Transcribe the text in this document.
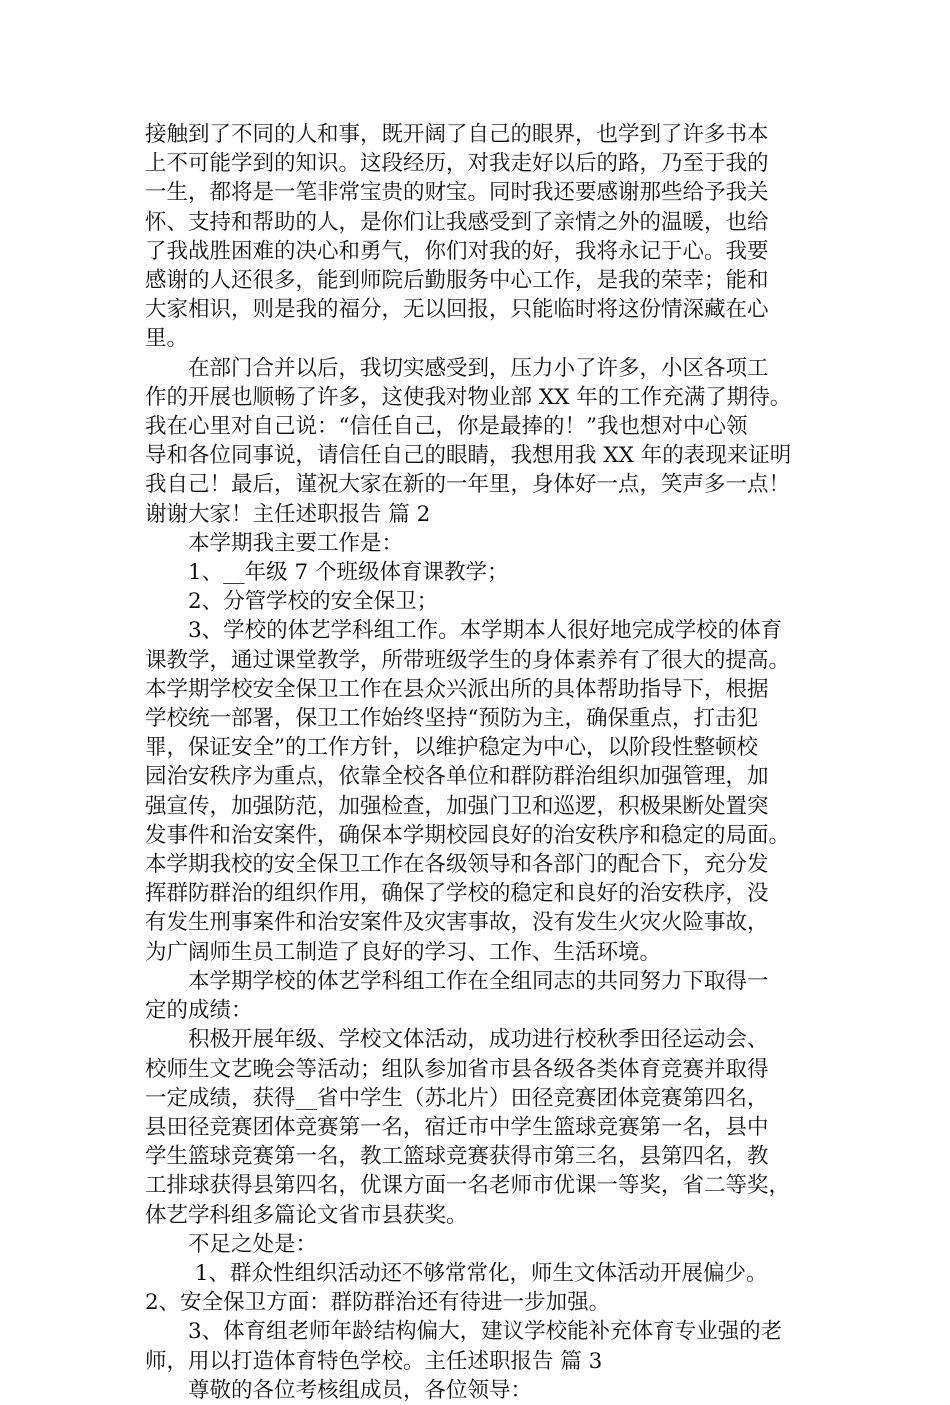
接触到了不同的人和事，既开阔了自己的眼界，也学到了许多书本

上不可能学到的知识。这段经历，对我走好以后的路，乃至于我的

一生，都将是一笔非常宝贵的财宝。同时我还要感谢那些给予我关

怀、支持和帮助的人，是你们让我感受到了亲情之外的温暖，也给

了我战胜困难的决心和勇气，你们对我的好，我将永记于心。我要

感谢的人还很多，能到师院后勤服务中心工作，是我的荣幸；能和

大家相识，则是我的福分，无以回报，只能临时将这份情深藏在心

里。

　　在部门合并以后，我切实感受到，压力小了许多，小区各项工

作的开展也顺畅了许多，这使我对物业部 XX 年的工作充满了期待。

我在心里对自己说：“信任自己，你是最捧的！”我也想对中心领

导和各位同事说，请信任自己的眼睛，我想用我 XX 年的表现来证明

我自己！最后，谨祝大家在新的一年里，身体好一点，笑声多一点！

谢谢大家！主任述职报告 篇 2

　　本学期我主要工作是：

　　1、__年级 7 个班级体育课教学；

　　2、分管学校的安全保卫；

　　3、学校的体艺学科组工作。本学期本人很好地完成学校的体育

课教学，通过课堂教学，所带班级学生的身体素养有了很大的提高。

本学期学校安全保卫工作在县众兴派出所的具体帮助指导下，根据

学校统一部署，保卫工作始终坚持“预防为主，确保重点，打击犯

罪，保证安全”的工作方针，以维护稳定为中心，以阶段性整顿校

园治安秩序为重点，依靠全校各单位和群防群治组织加强管理，加

强宣传，加强防范，加强检查，加强门卫和巡逻，积极果断处置突

发事件和治安案件，确保本学期校园良好的治安秩序和稳定的局面。

本学期我校的安全保卫工作在各级领导和各部门的配合下，充分发

挥群防群治的组织作用，确保了学校的稳定和良好的治安秩序，没

有发生刑事案件和治安案件及灾害事故，没有发生火灾火险事故，

为广阔师生员工制造了良好的学习、工作、生活环境。

　　本学期学校的体艺学科组工作在全组同志的共同努力下取得一

定的成绩：

　　积极开展年级、学校文体活动，成功进行校秋季田径运动会、

校师生文艺晚会等活动；组队参加省市县各级各类体育竞赛并取得

一定成绩，获得__省中学生（苏北片）田径竞赛团体竞赛第四名，

县田径竞赛团体竞赛第一名，宿迁市中学生篮球竞赛第一名，县中

学生篮球竞赛第一名，教工篮球竞赛获得市第三名，县第四名，教

工排球获得县第四名，优课方面一名老师市优课一等奖，省二等奖，

体艺学科组多篇论文省市县获奖。

　　不足之处是：

　　 1、群众性组织活动还不够常常化，师生文体活动开展偏少。

2、安全保卫方面：群防群治还有待进一步加强。

　　3、体育组老师年龄结构偏大，建议学校能补充体育专业强的老

师，用以打造体育特色学校。主任述职报告 篇 3

　　尊敬的各位考核组成员，各位领导：
